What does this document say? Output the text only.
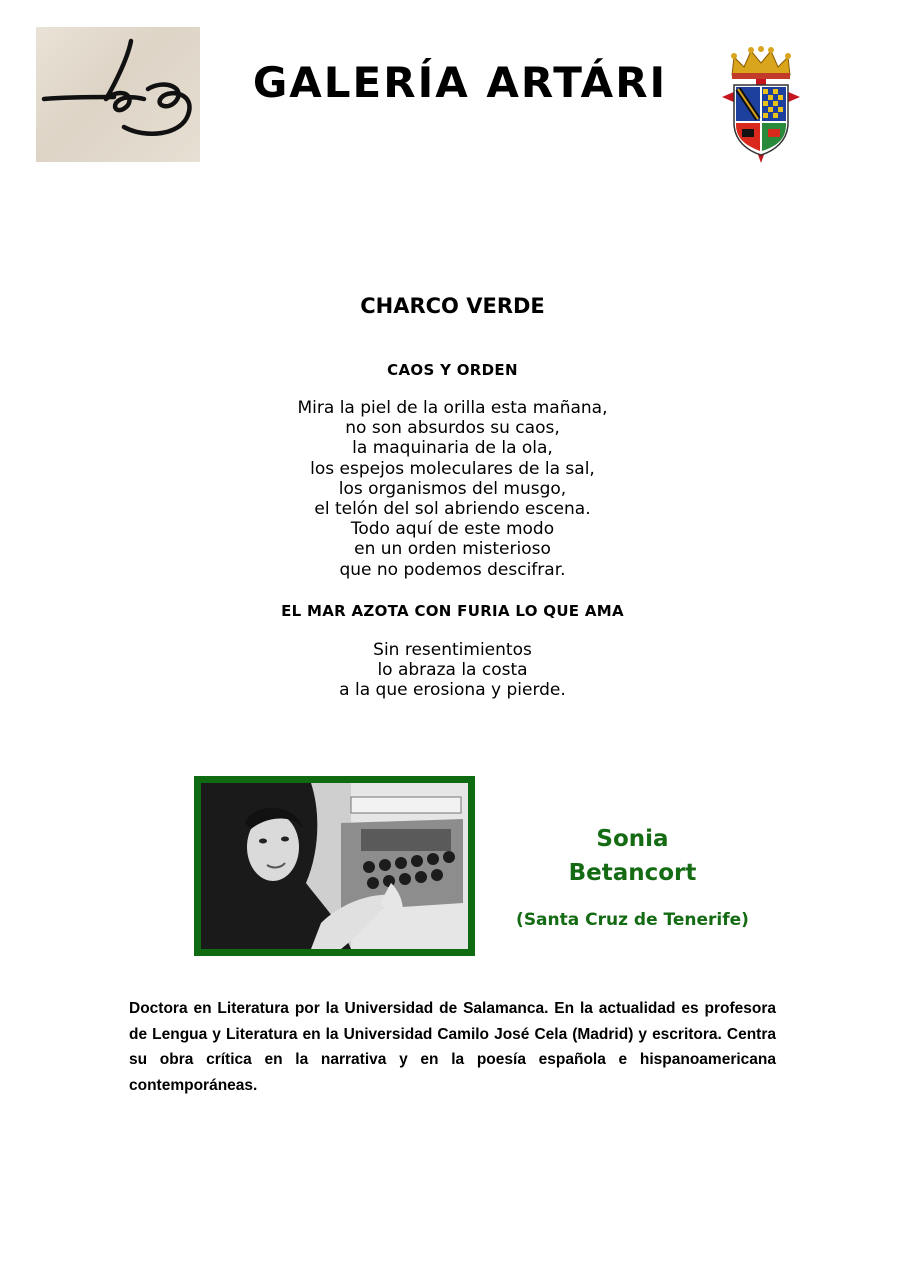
GALERÍA ARTÁRI
CHARCO VERDE
CAOS Y ORDEN
Mira la piel de la orilla esta mañana,
no son absurdos su caos,
la maquinaria de la ola,
los espejos moleculares de la sal,
los organismos del musgo,
el telón del sol abriendo escena.
Todo aquí de este modo
en un orden misterioso
que no podemos descifrar.
EL MAR AZOTA CON FURIA LO QUE AMA
Sin resentimientos
lo abraza la costa
a la que erosiona y pierde.
Sonia
Betancort
(Santa Cruz de Tenerife)
Doctora en Literatura por la Universidad de Salamanca. En la actualidad es profesora de Lengua y Literatura en la Universidad Camilo José Cela (Madrid) y escritora. Centra su obra crítica en la narrativa y en la poesía española e hispanoamericana contemporáneas.
